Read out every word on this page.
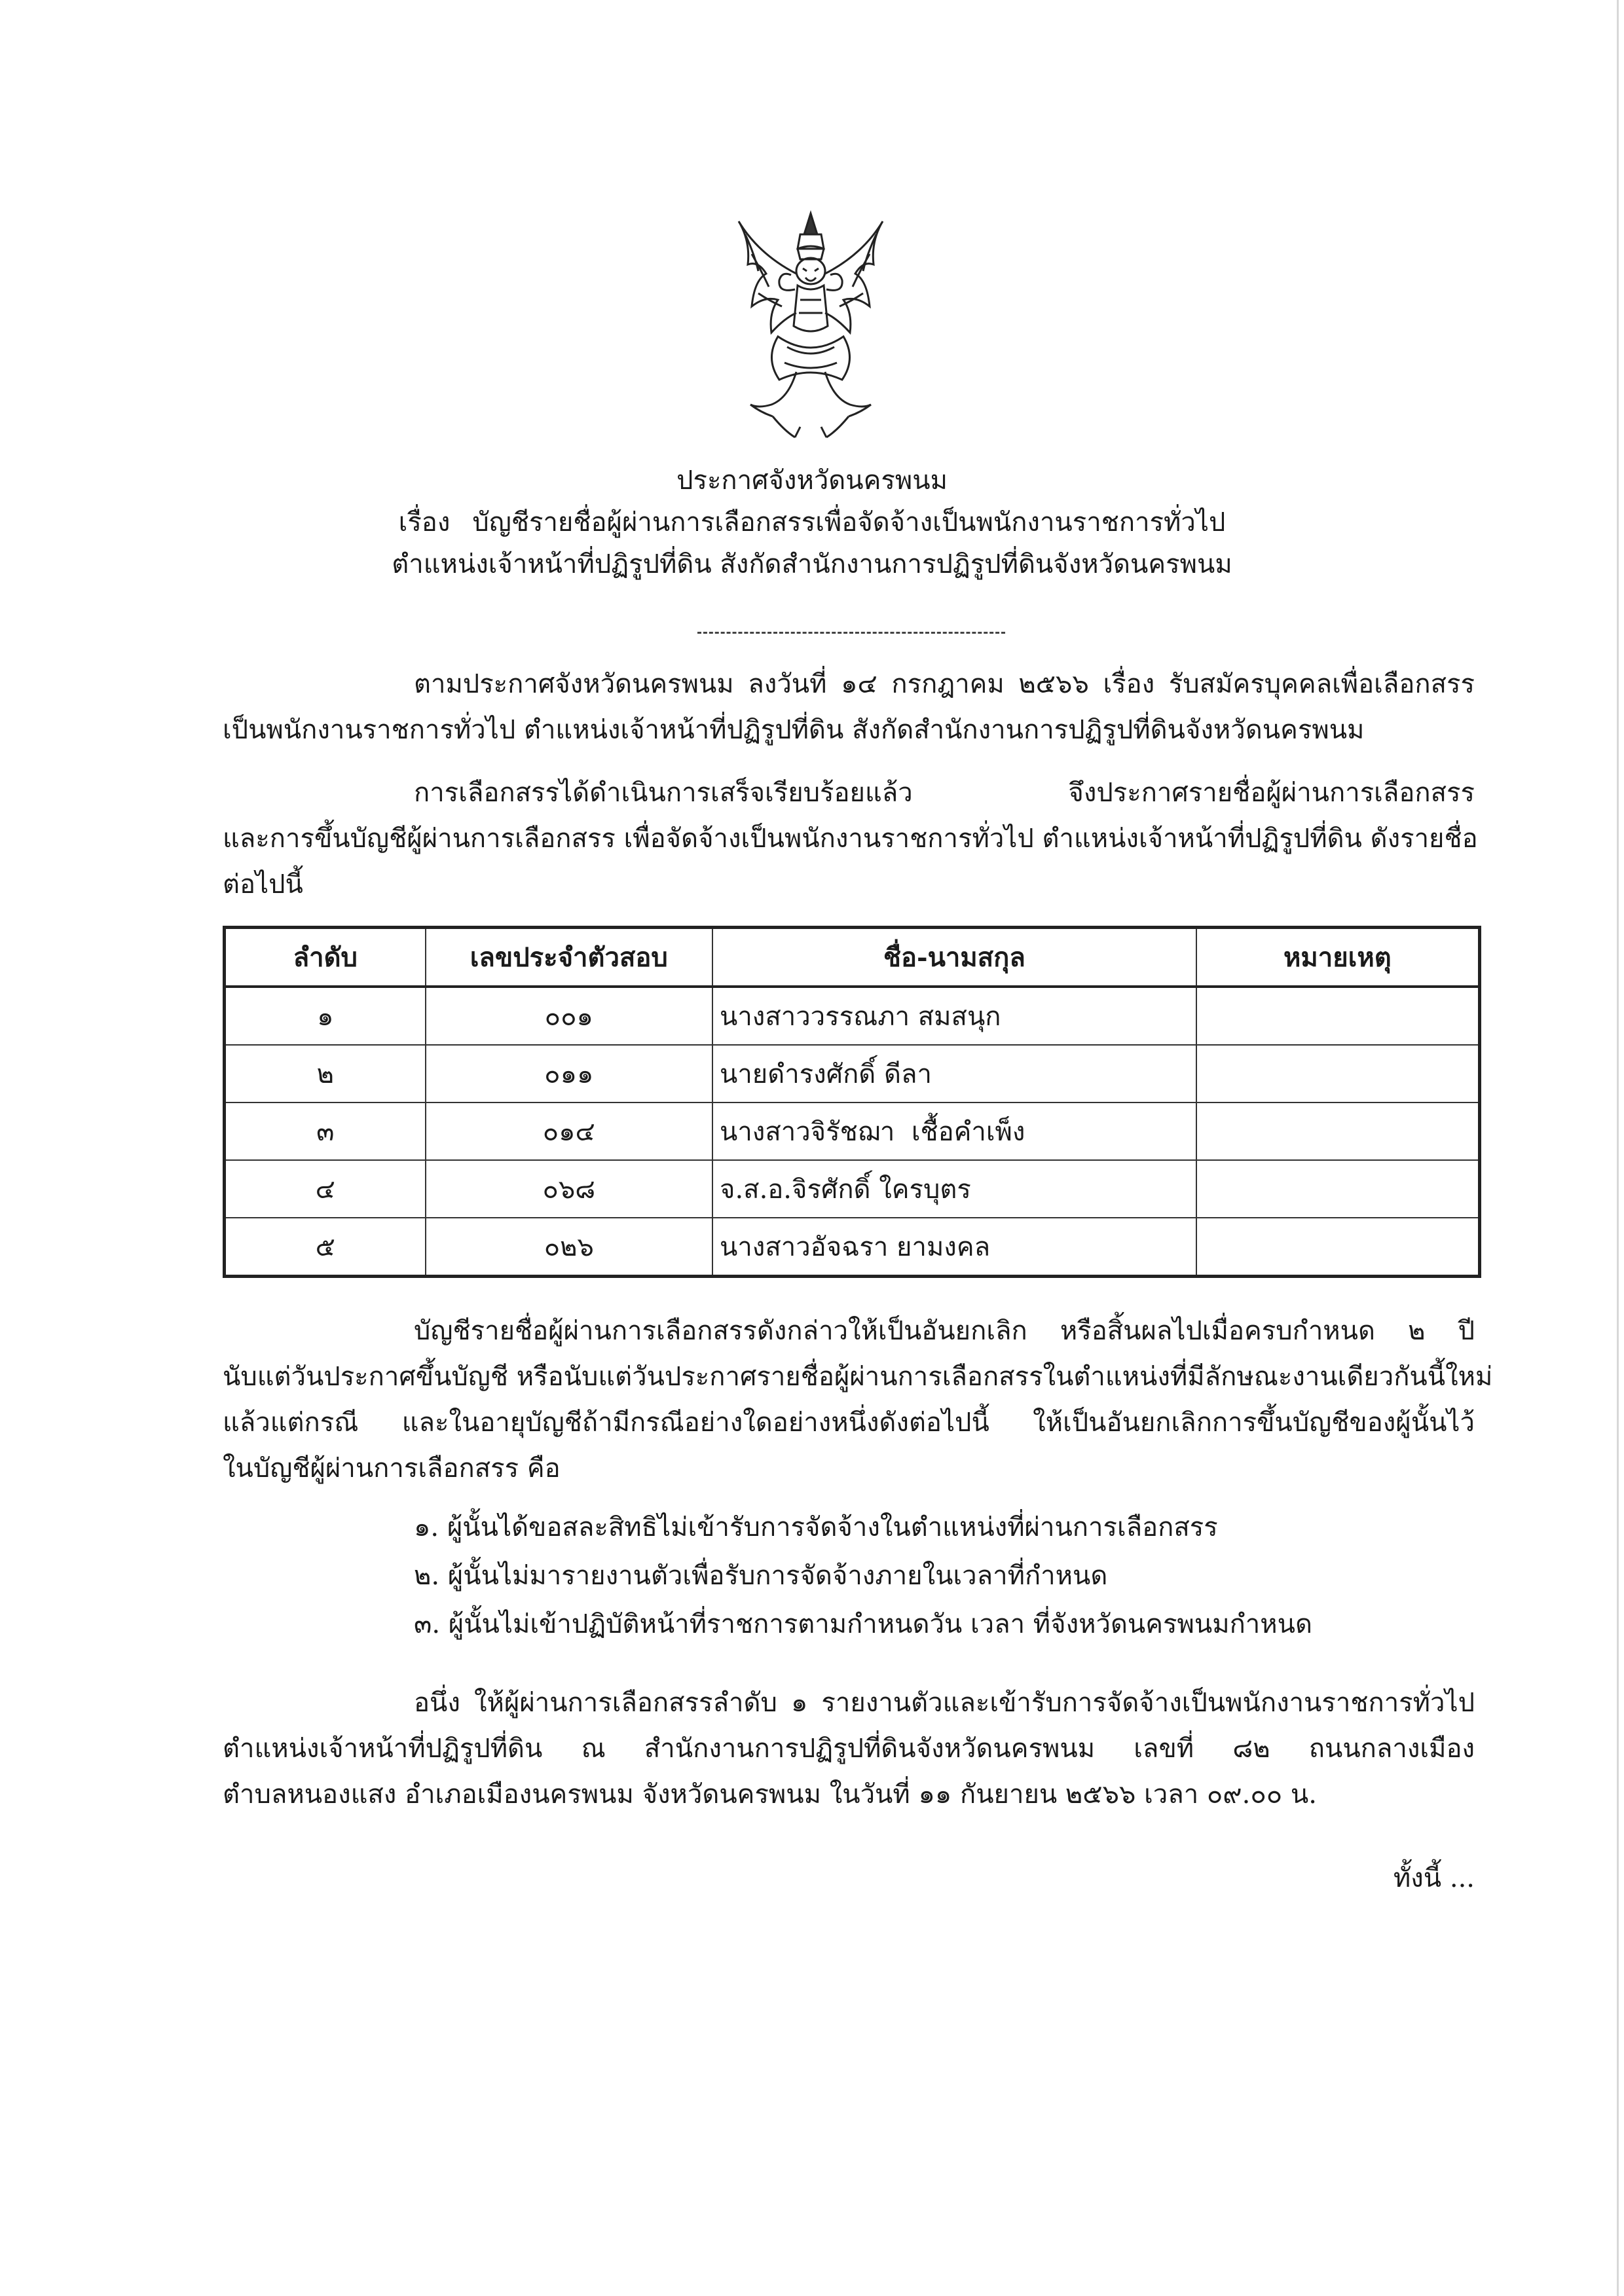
ประกาศจังหวัดนครพนม
เรื่อง บัญชีรายชื่อผู้ผ่านการเลือกสรรเพื่อจัดจ้างเป็นพนักงานราชการทั่วไป
ตำแหน่งเจ้าหน้าที่ปฏิรูปที่ดิน สังกัดสำนักงานการปฏิรูปที่ดินจังหวัดนครพนม

ตามประกาศจังหวัดนครพนม ลงวันที่ ๑๔ กรกฎาคม ๒๕๖๖ เรื่อง รับสมัครบุคคลเพื่อเลือกสรร

เป็นพนักงานราชการทั่วไป ตำแหน่งเจ้าหน้าที่ปฏิรูปที่ดิน สังกัดสำนักงานการปฏิรูปที่ดินจังหวัดนครพนม

การเลือกสรรได้ดำเนินการเสร็จเรียบร้อยแล้ว จึงประกาศรายชื่อผู้ผ่านการเลือกสรร

และการขึ้นบัญชีผู้ผ่านการเลือกสรร เพื่อจัดจ้างเป็นพนักงานราชการทั่วไป ตำแหน่งเจ้าหน้าที่ปฏิรูปที่ดิน ดังรายชื่อ

ต่อไปนี้

ลำดับ	เลขประจำตัวสอบ	ชื่อ-นามสกุล	หมายเหตุ
๑	๐๐๑	นางสาววรรณภา สมสนุก	
๒	๐๑๑	นายดำรงศักดิ์ ดีลา	
๓	๐๑๔	นางสาวจิรัชฌา  เชื้อคำเพ็ง	
๔	๐๖๘	จ.ส.อ.จิรศักดิ์ ใครบุตร	
๕	๐๒๖	นางสาวอัจฉรา ยามงคล	

บัญชีรายชื่อผู้ผ่านการเลือกสรรดังกล่าวให้เป็นอันยกเลิก หรือสิ้นผลไปเมื่อครบกำหนด ๒ ปี

นับแต่วันประกาศขึ้นบัญชี หรือนับแต่วันประกาศรายชื่อผู้ผ่านการเลือกสรรในตำแหน่งที่มีลักษณะงานเดียวกันนี้ใหม่

แล้วแต่กรณี และในอายุบัญชีถ้ามีกรณีอย่างใดอย่างหนึ่งดังต่อไปนี้ ให้เป็นอันยกเลิกการขึ้นบัญชีของผู้นั้นไว้

ในบัญชีผู้ผ่านการเลือกสรร คือ

๑. ผู้นั้นได้ขอสละสิทธิไม่เข้ารับการจัดจ้างในตำแหน่งที่ผ่านการเลือกสรร
๒. ผู้นั้นไม่มารายงานตัวเพื่อรับการจัดจ้างภายในเวลาที่กำหนด
๓. ผู้นั้นไม่เข้าปฏิบัติหน้าที่ราชการตามกำหนดวัน เวลา ที่จังหวัดนครพนมกำหนด

อนึ่ง ให้ผู้ผ่านการเลือกสรรลำดับ ๑ รายงานตัวและเข้ารับการจัดจ้างเป็นพนักงานราชการทั่วไป

ตำแหน่งเจ้าหน้าที่ปฏิรูปที่ดิน ณ สำนักงานการปฏิรูปที่ดินจังหวัดนครพนม เลขที่ ๘๒ ถนนกลางเมือง

ตำบลหนองแสง อำเภอเมืองนครพนม จังหวัดนครพนม ในวันที่ ๑๑ กันยายน ๒๕๖๖ เวลา ๐๙.๐๐ น.

ทั้งนี้ ...
